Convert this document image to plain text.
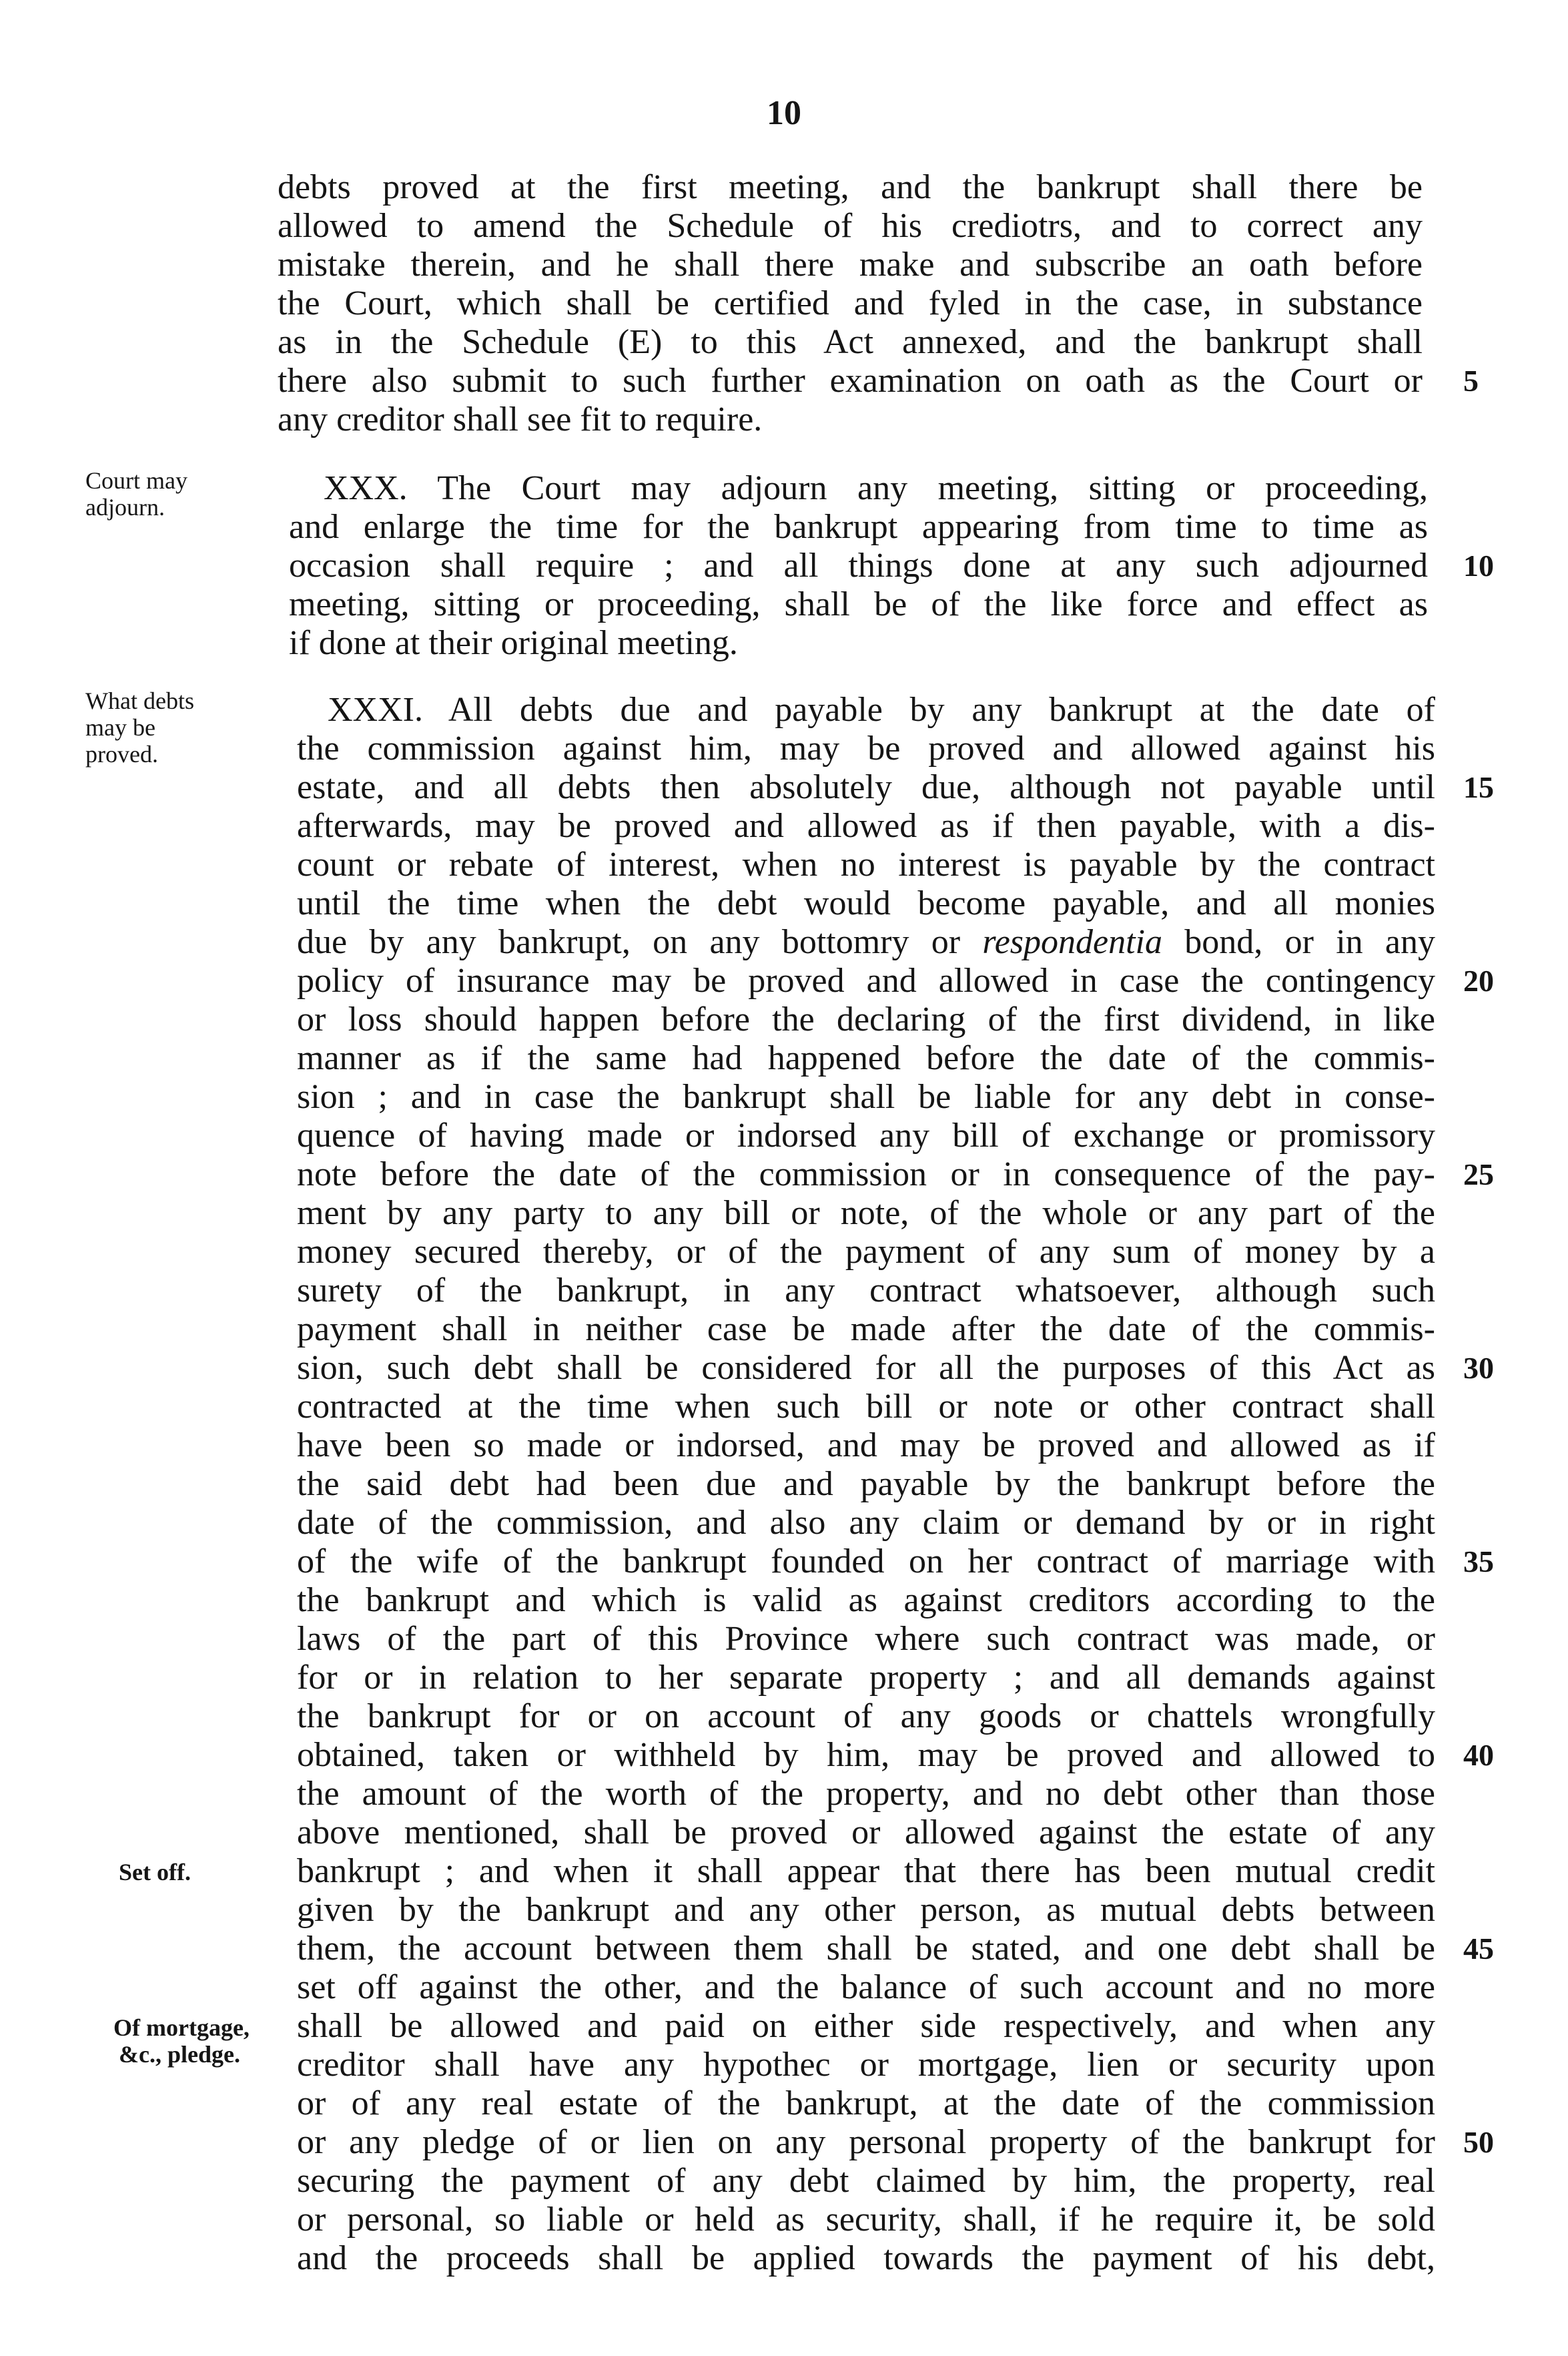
10
debts proved at the first meeting, and the bankrupt shall there be
allowed to amend the Schedule of his crediotrs, and to correct any
mistake therein, and he shall there make and subscribe an oath before
the Court, which shall be certified and fyled in the case, in substance
as in the Schedule (E) to this Act annexed, and the bankrupt shall
there also submit to such further examination on oath as the Court or
any creditor shall see fit to require.
Court may
adjourn.	XXX. The Court may adjourn any meeting, sitting or proceeding,
and enlarge the time for the bankrupt appearing from time to time as
occasion shall require ; and all things done at any such adjourned
meeting, sitting or proceeding, shall be of the like force and effect as
if done at their original meeting.
What debts
may be
proved.
XXXI. All debts due and payable by any bankrupt at the date of
the commission against him, may be proved and allowed against his
estate, and all debts then absolutely due, although not payable until
afterwards, may be proved and allowed as if then payable, with a dis-
count or rebate of interest, when no interest is payable by the contract
until the time when the debt would become payable, and all monies
due by any bankrupt, on any bottomry or respondentia bond, or in any
policy of insurance may be proved and allowed in case the contingency
or loss should happen before the declaring of the first dividend, in like
manner as if the same had happened before the date of the commis-
sion ; and in case the bankrupt shall be liable for any debt in conse-
quence of having made or indorsed any bill of exchange or promissory
note before the date of the commission or in consequence of the pay-
ment by any party to any bill or note, of the whole or any part of the
money secured thereby, or of the payment of any sum of money by a
surety of the bankrupt, in any contract whatsoever, although such
payment shall in neither case be made after the date of the commis-
sion, such debt shall be considered for all the purposes of this Act as
contracted at the time when such bill or note or other contract shall
have been so made or indorsed, and may be proved and allowed as if
the said debt had been due and payable by the bankrupt before the
date of the commission, and also any claim or demand by or in right
of the wife of the bankrupt founded on her contract of marriage with
the bankrupt and which is valid as against creditors according to the
laws of the part of this Province where such contract was made, or
for or in relation to her separate property ; and all demands against
the bankrupt for or on account of any goods or chattels wrongfully
obtained, taken or withheld by him, may be proved and allowed to
the amount of the worth of the property, and no debt other than those
above mentioned, shall be proved or allowed against the estate of any
bankrupt ; and when it shall appear that there has been mutual credit
given by the bankrupt and any other person, as mutual debts between
them, the account between them shall be stated, and one debt shall be
set off against the other, and the balance of such account and no more
shall be allowed and paid on either side respectively, and when any
creditor shall have any hypothec or mortgage, lien or security upon
or of any real estate of the bankrupt, at the date of the commission
or any pledge of or lien on any personal property of the bankrupt for
securing the payment of any debt claimed by him, the property, real
or personal, so liable or held as security, shall, if he require it, be sold
and the proceeds shall be applied towards the payment of his debt,
Set off.
Of mortgage,
&c., pledge.
5
10
15
20
25
30
35
40
45
50
